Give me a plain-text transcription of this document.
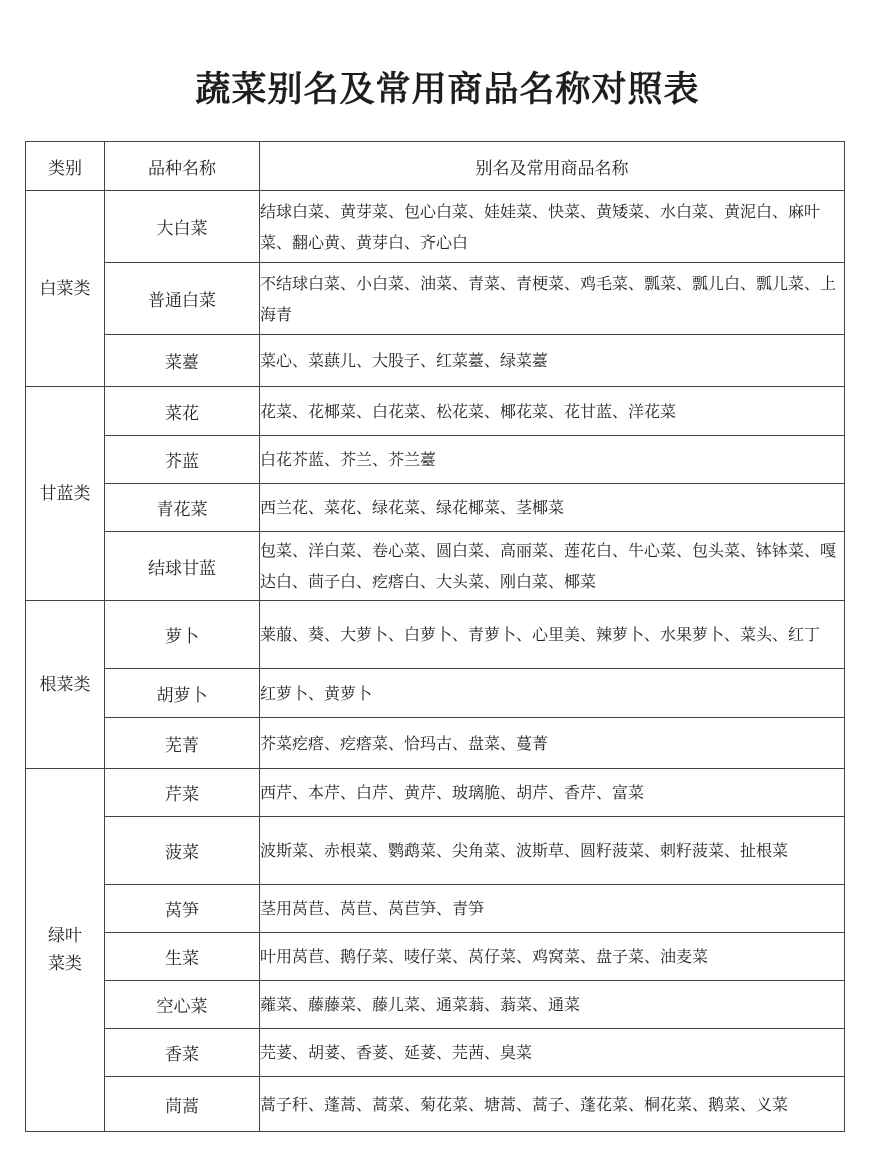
蔬菜别名及常用商品名称对照表
类别	品种名称	别名及常用商品名称
白菜类	大白菜	结球白菜、黄芽菜、包心白菜、娃娃菜、快菜、黄矮菜、水白菜、黄泥白、麻叶菜、翻心黄、黄芽白、齐心白
	普通白菜	不结球白菜、小白菜、油菜、青菜、青梗菜、鸡毛菜、瓢菜、瓢儿白、瓢儿菜、上海青
	菜薹	菜心、菜蕻儿、大股子、红菜薹、绿菜薹
甘蓝类	菜花	花菜、花椰菜、白花菜、松花菜、椰花菜、花甘蓝、洋花菜
	芥蓝	白花芥蓝、芥兰、芥兰薹
	青花菜	西兰花、菜花、绿花菜、绿花椰菜、茎椰菜
	结球甘蓝	包菜、洋白菜、卷心菜、圆白菜、高丽菜、莲花白、牛心菜、包头菜、钵钵菜、嘎达白、茴子白、疙瘩白、大头菜、刚白菜、椰菜
根菜类	萝卜	莱菔、葵、大萝卜、白萝卜、青萝卜、心里美、辣萝卜、水果萝卜、菜头、红丁
	胡萝卜	红萝卜、黄萝卜
	芜菁	芥菜疙瘩、疙瘩菜、恰玛古、盘菜、蔓菁

绿叶菜类	芹菜	西芹、本芹、白芹、黄芹、玻璃脆、胡芹、香芹、富菜
	菠菜	波斯菜、赤根菜、鹦鹉菜、尖角菜、波斯草、圆籽菠菜、刺籽菠菜、扯根菜
	莴笋	茎用莴苣、莴苣、莴苣笋、青笋
	生菜	叶用莴苣、鹅仔菜、唛仔菜、莴仔菜、鸡窝菜、盘子菜、油麦菜
	空心菜	蕹菜、藤藤菜、藤儿菜、通菜蓊、蓊菜、通菜
	香菜	芫荽、胡荽、香荽、延荽、芫茜、臭菜
	茼蒿	蒿子秆、蓬蒿、蒿菜、菊花菜、塘蒿、蒿子、蓬花菜、桐花菜、鹅菜、义菜
